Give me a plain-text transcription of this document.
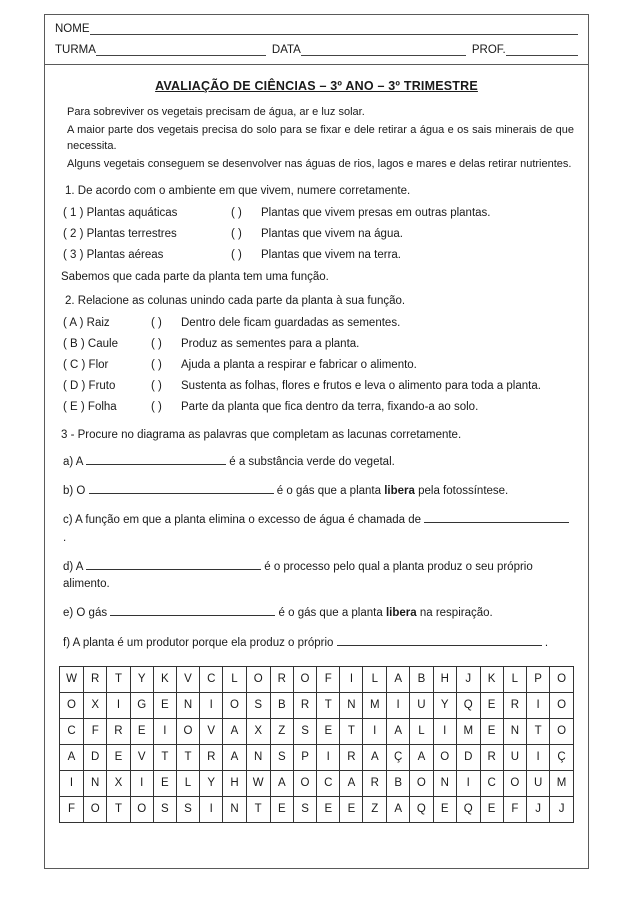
NOME
TURMA	DATA	PROF.
AVALIAÇÃO DE CIÊNCIAS – 3º ANO – 3º TRIMESTRE

Para sobreviver os vegetais precisam de água, ar e luz solar.

A maior parte dos vegetais precisa do solo para se fixar e dele retirar a água e os sais minerais de que necessita.

Alguns vegetais conseguem se desenvolver nas águas de rios, lagos e mares e delas retirar nutrientes.

1. De acordo com o ambiente em que vivem, numere corretamente.
( 1 ) Plantas aquáticas	( )	Plantas que vivem presas em outras plantas.
( 2 ) Plantas terrestres	( )	Plantas que vivem na água.
( 3 ) Plantas aéreas	( )	Plantas que vivem na terra.
Sabemos que cada parte da planta tem uma função.
2. Relacione as colunas unindo cada parte da planta à sua função.
( A ) Raiz	( )	Dentro dele ficam guardadas as sementes.
( B ) Caule	( )	Produz as sementes para a planta.
( C ) Flor	( )	Ajuda a planta a respirar e fabricar o alimento.
( D ) Fruto	( )	Sustenta as folhas, flores e frutos e leva o alimento para toda a planta.
( E ) Folha	( )	Parte da planta que fica dentro da terra, fixando-a ao solo.
3 - Procure no diagrama as palavras que completam as lacunas corretamente.
a) A	é a substância verde do vegetal.
b) O	é o gás que a planta libera pela fotossíntese.
c) A função em que a planta elimina o excesso de água é chamada de  .
d) A	é o processo pelo qual a planta produz o seu próprio alimento.
e) O gás	é o gás que a planta libera na respiração.
f) A planta é um produtor porque ela produz o próprio	.
W	R	T	Y	K	V	C	L	O	R	O	F	I	L	A	B	H	J	K	L	P	O
O	X	I	G	E	N	I	O	S	B	R	T	N	M	I	U	Y	Q	E	R	I	O
C	F	R	E	I	O	V	A	X	Z	S	E	T	I	A	L	I	M	E	N	T	O
A	D	E	V	T	T	R	A	N	S	P	I	R	A	Ç	A	O	D	R	U	I	Ç
I	N	X	I	E	L	Y	H	W	A	O	C	A	R	B	O	N	I	C	O	U	M
F	O	T	O	S	S	I	N	T	E	S	E	E	Z	A	Q	E	Q	E	F	J	J
